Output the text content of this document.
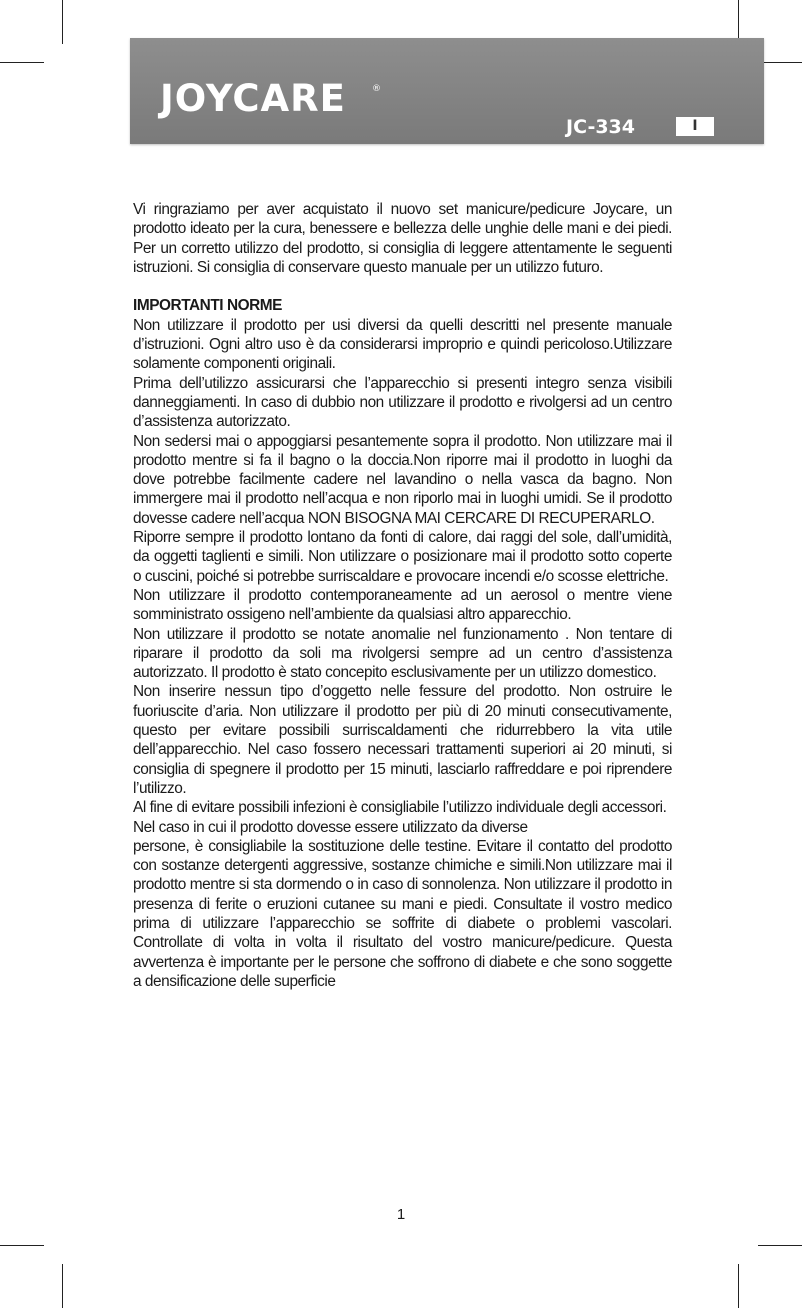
JOYCARE	®
JC-334	I

Vi ringraziamo per aver acquistato il nuovo set manicure/pedicure Joycare, un prodotto ideato per la cura, benessere e bellezza delle unghie delle mani e dei piedi. Per un corretto utilizzo del prodotto, si consiglia di leggere attentamente le seguenti istruzioni. Si consiglia di conservare questo manuale per un utilizzo futuro.

IMPORTANTI NORME

Non utilizzare il prodotto per usi diversi da quelli descritti nel presente manuale d’istruzioni. Ogni altro uso è da considerarsi improprio e quindi pericoloso.Utilizzare solamente componenti originali.

Prima dell’utilizzo assicurarsi che l’apparecchio si presenti integro senza visibili danneggiamenti. In caso di dubbio non utilizzare il prodotto e rivolgersi ad un centro d’assistenza autorizzato.

Non sedersi mai o appoggiarsi pesantemente sopra il prodotto. Non utilizzare mai il prodotto mentre si fa il bagno o la doccia.Non riporre mai il prodotto in luoghi da dove potrebbe facilmente cadere nel lavandino o nella vasca da bagno. Non immergere mai il prodotto nell’acqua e non riporlo mai in luoghi umidi. Se il prodotto dovesse cadere nell’acqua NON BISOGNA MAI CERCARE DI RECUPERARLO.

Riporre sempre il prodotto lontano da fonti di calore, dai raggi del sole, dall’umidità, da oggetti taglienti e simili. Non utilizzare o posizionare mai il prodotto sotto coperte o cuscini, poiché si potrebbe surriscaldare e provocare incendi e/o scosse elettriche.

Non utilizzare il prodotto contemporaneamente ad un aerosol o mentre viene somministrato ossigeno nell’ambiente da qualsiasi altro apparecchio.

Non utilizzare il prodotto se notate anomalie nel funzionamento . Non tentare di riparare il prodotto da soli ma rivolgersi sempre ad un centro d’assistenza autorizzato. Il prodotto è stato concepito esclusivamente per un utilizzo domestico.

Non inserire nessun tipo d’oggetto nelle fessure del prodotto. Non ostruire le fuoriuscite d’aria. Non utilizzare il prodotto per più di 20 minuti consecutivamente, questo per evitare possibili surriscaldamenti che ridurrebbero la vita utile dell’apparecchio. Nel caso fossero necessari trattamenti superiori ai 20 minuti, si consiglia di spegnere il prodotto per 15 minuti, lasciarlo raffreddare e poi riprendere l’utilizzo.

Al fine di evitare possibili infezioni è consigliabile l’utilizzo individuale degli accessori. Nel caso in cui il prodotto dovesse essere utilizzato da diverse

persone, è consigliabile la sostituzione delle testine. Evitare il contatto del prodotto con sostanze detergenti aggressive, sostanze chimiche e simili.Non utilizzare mai il prodotto mentre si sta dormendo o in caso di sonnolenza. Non utilizzare il prodotto in presenza di ferite o eruzioni cutanee su mani e piedi. Consultate il vostro medico prima di utilizzare l’apparecchio se soffrite di diabete o problemi vascolari. Controllate di volta in volta il risultato del vostro manicure/pedicure. Questa avvertenza è importante per le persone che soffrono di diabete e che sono soggette a densificazione delle superficie

1
